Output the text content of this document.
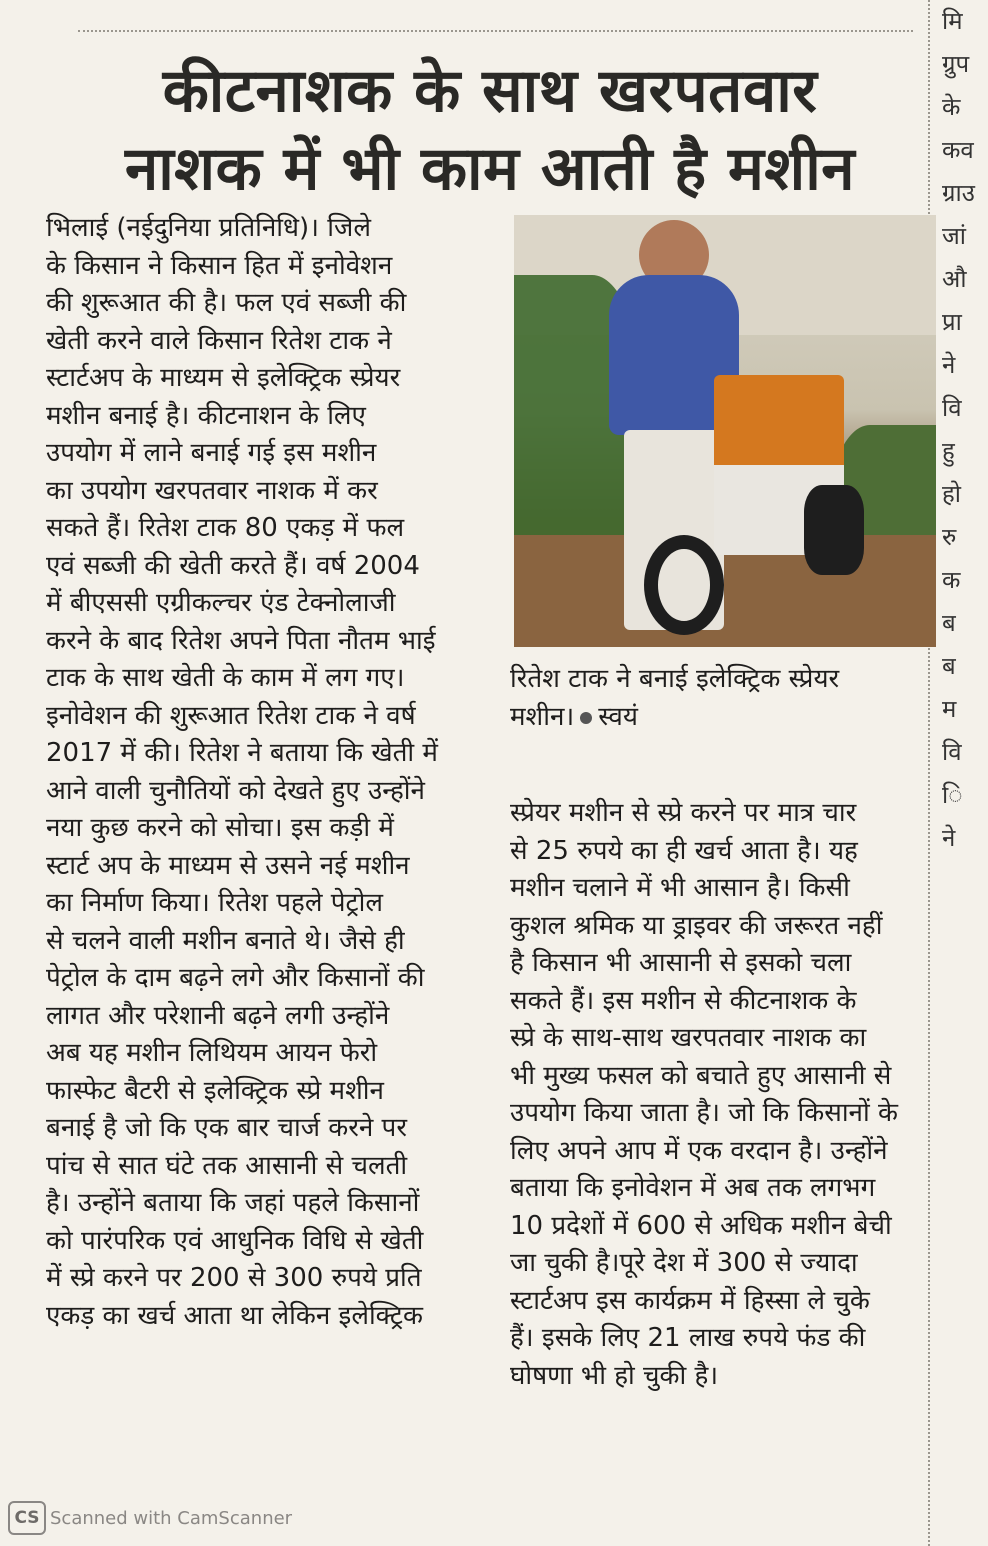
कीटनाशक के साथ खरपतवार
नाशक में भी काम आती है मशीन

भिलाई (नईदुनिया प्रतिनिधि)। जिले

के किसान ने किसान हित में इनोवेशन

की शुरूआत की है। फल एवं सब्जी की

खेती करने वाले किसान रितेश टाक ने

स्टार्टअप के माध्यम से इलेक्ट्रिक स्प्रेयर

मशीन बनाई है। कीटनाशन के लिए

उपयोग में लाने बनाई गई इस मशीन

का उपयोग खरपतवार नाशक में कर

सकते हैं। रितेश टाक 80 एकड़ में फल

एवं सब्जी की खेती करते हैं। वर्ष 2004

में बीएससी एग्रीकल्चर एंड टेक्नोलाजी

करने के बाद रितेश अपने पिता नौतम भाई

टाक के साथ खेती के काम में लग गए।

इनोवेशन की शुरूआत रितेश टाक ने वर्ष

2017 में की। रितेश ने बताया कि खेती में

आने वाली चुनौतियों को देखते हुए उन्होंने

नया कुछ करने को सोचा। इस कड़ी में

स्टार्ट अप के माध्यम से उसने नई मशीन

का निर्माण किया। रितेश पहले पेट्रोल

से चलने वाली मशीन बनाते थे। जैसे ही

पेट्रोल के दाम बढ़ने लगे और किसानों की

लागत और परेशानी बढ़ने लगी उन्होंने

अब यह मशीन लिथियम आयन फेरो

फास्फेट बैटरी से इलेक्ट्रिक स्प्रे मशीन

बनाई है जो कि एक बार चार्ज करने पर

पांच से सात घंटे तक आसानी से चलती

है। उन्होंने बताया कि जहां पहले किसानों

को पारंपरिक एवं आधुनिक विधि से खेती

में स्प्रे करने पर 200 से 300 रुपये प्रति

एकड़ का खर्च आता था लेकिन इलेक्ट्रिक

रितेश टाक ने बनाई इलेक्ट्रिक स्प्रेयर

मशीन। स्वयं

स्प्रेयर मशीन से स्प्रे करने पर मात्र चार

से 25 रुपये का ही खर्च आता है। यह

मशीन चलाने में भी आसान है। किसी

कुशल श्रमिक या ड्राइवर की जरूरत नहीं

है किसान भी आसानी से इसको चला

सकते हैं। इस मशीन से कीटनाशक के

स्प्रे के साथ-साथ खरपतवार नाशक का

भी मुख्य फसल को बचाते हुए आसानी से

उपयोग किया जाता है। जो कि किसानों के

लिए अपने आप में एक वरदान है। उन्होंने

बताया कि इनोवेशन में अब तक लगभग

10 प्रदेशों में 600 से अधिक मशीन बेची

जा चुकी है।पूरे देश में 300 से ज्यादा

स्टार्टअप इस कार्यक्रम में हिस्सा ले चुके

हैं। इसके लिए 21 लाख रुपये फंड की

घोषणा भी हो चुकी है।

मि
ग्रुप
के
कव
ग्राउ
जां
औ
प्रा
ने
वि
हु
हो
रु
क
ब
ब
म
वि
ि
ने
CS Scanned with CamScanner
